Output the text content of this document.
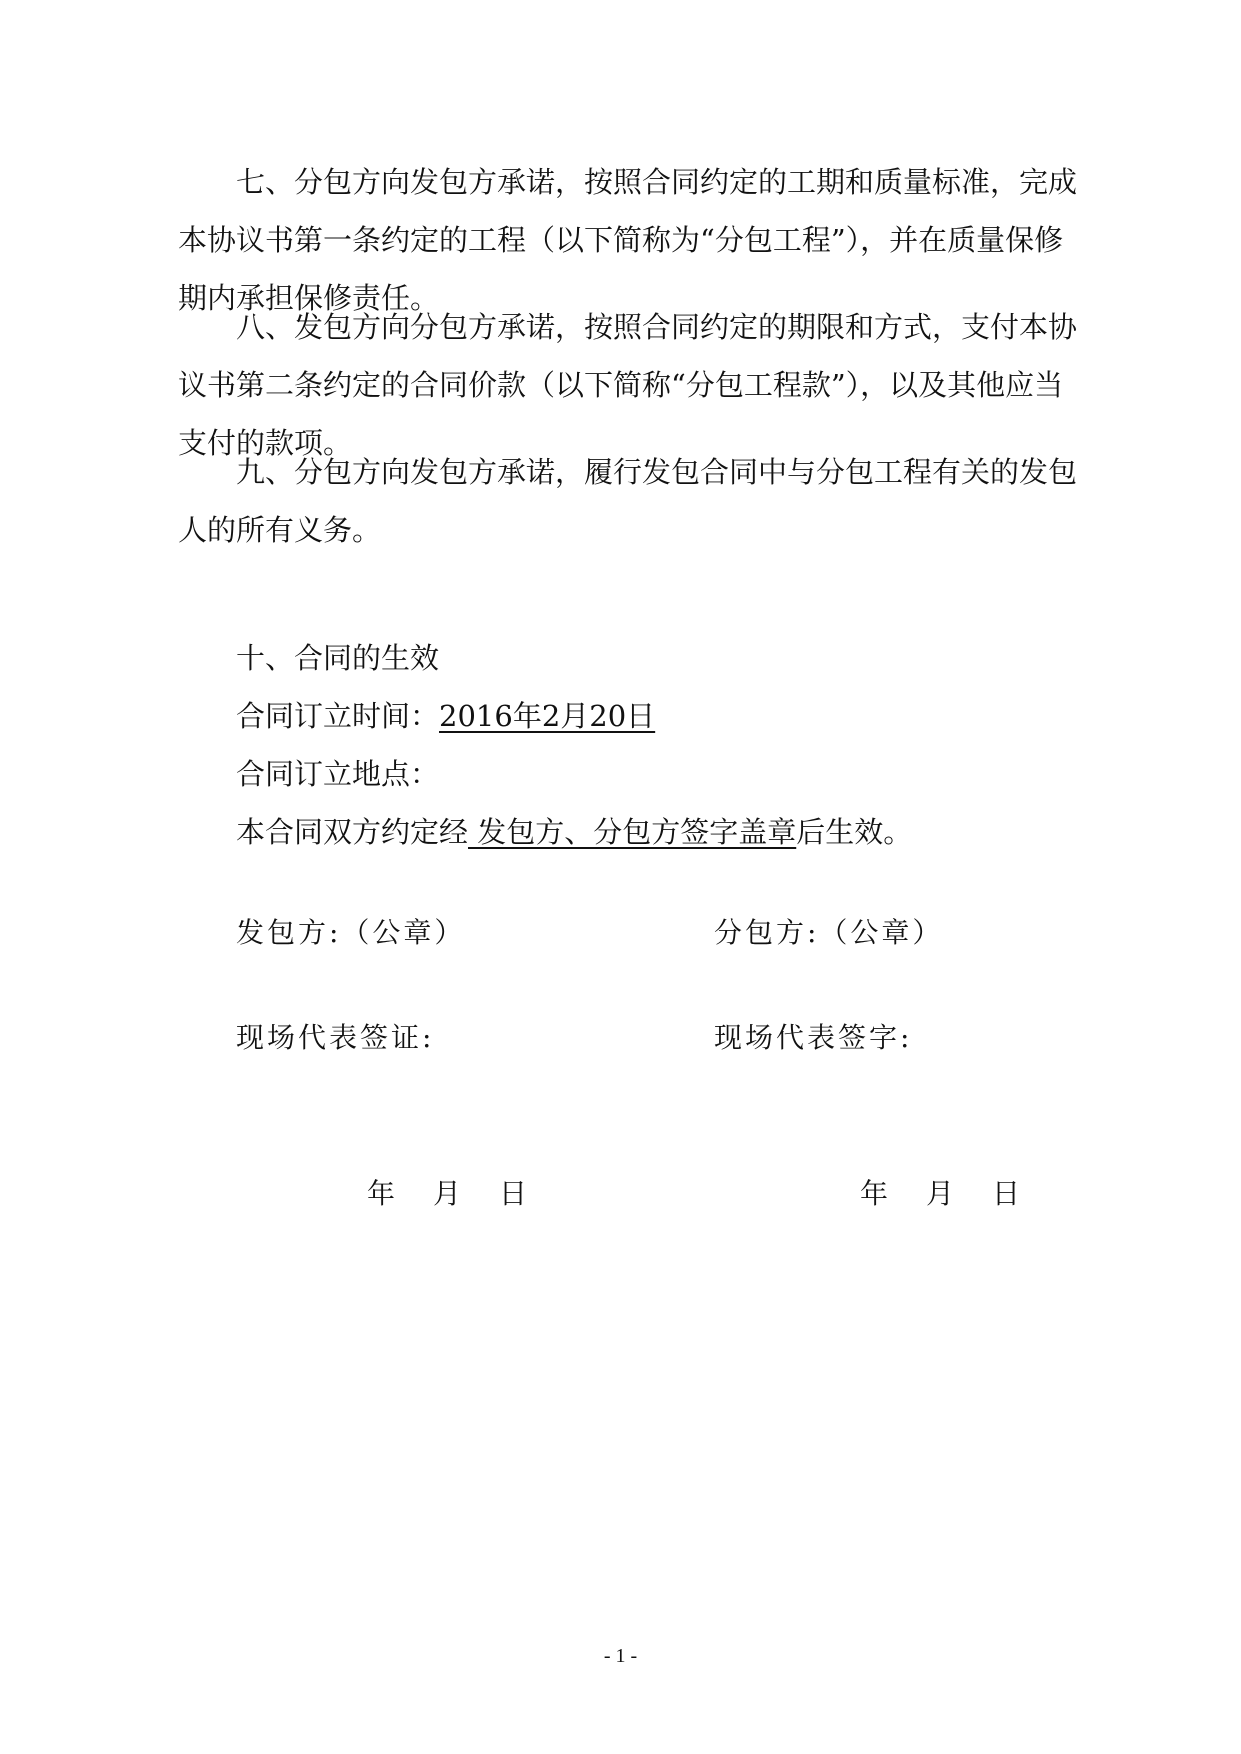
七、分包方向发包方承诺，按照合同约定的工期和质量标准，完成本协议书第一条约定的工程（以下简称为“分包工程”），并在质量保修期内承担保修责任。

八、发包方向分包方承诺，按照合同约定的期限和方式，支付本协议书第二条约定的合同价款（以下简称“分包工程款”），以及其他应当支付的款项。

九、分包方向发包方承诺，履行发包合同中与分包工程有关的发包人的所有义务。

十、合同的生效
合同订立时间：2016年2月20日
合同订立地点：
本合同双方约定经 发包方、分包方签字盖章后生效。
发包方:（公章）	分包方:（公章）
现场代表签证:	现场代表签字:
年 月 日	年 月 日
- 1 -
